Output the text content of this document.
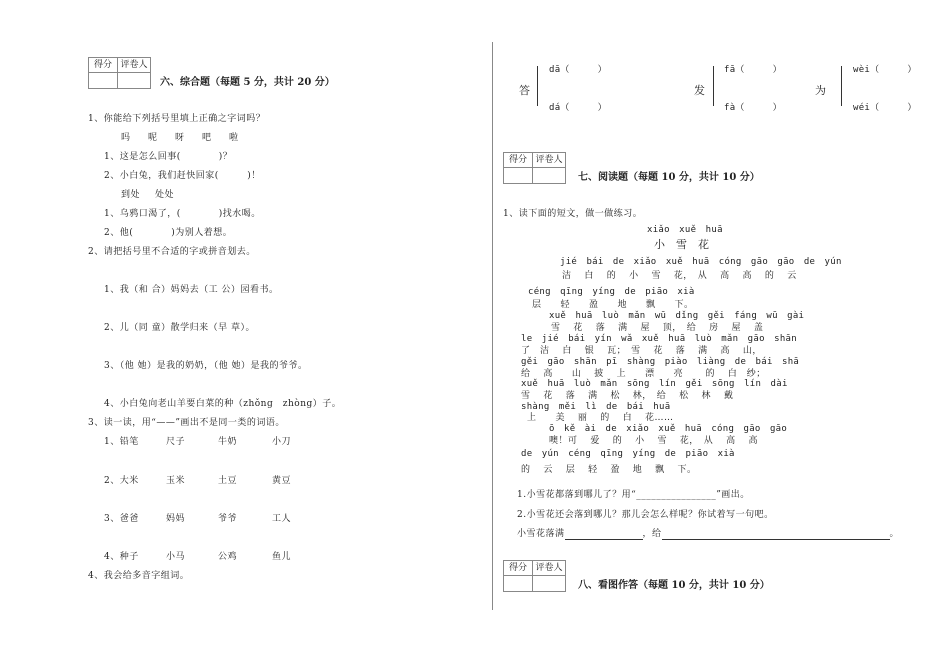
得分 评卷人
六、综合题（每题 5 分，共计 20 分）
1、你能给下列括号里填上正确之字词吗？
吗 呢 呀 吧 啦
1、这是怎么回事(　　　　)？
2、小白兔，我们赶快回家(　　　)！
到处 处处
1、乌鸦口渴了，(　　　　)找水喝。
2、他(　　　　)为别人着想。
2、请把括号里不合适的字或拼音划去。
1、我（和 合）妈妈去（工 公）园看书。
2、儿（同 童）散学归来（早 草）。
3、（他 她）是我的奶奶，（他 她）是我的爷爷。
4、小白兔向老山羊要白菜的种（zhǒng　zhòng）子。
3、读一读，用“——”画出不是同一类的词语。
1、铅笔	尺子	牛奶	小刀
2、大米	玉米	土豆	黄豆
3、爸爸	妈妈	爷爷	工人
4、种子	小马	公鸡	鱼儿
4、我会给多音字组词。
答
dā（　　　）
dá（　　　）
发
fā（　　　）
fà（　　　）
为
wèi（　　　）
wéi（　　　）
得分 评卷人
七、阅读题（每题 10 分，共计 10 分）
1、读下面的短文，做一做练习。
xiǎo　xuě　huā
小　雪　花
jié　bái　de　xiǎo　xuě　huā　cóng　gāo　gāo　de　yún
洁　 白　 的　 小　 雪　 花，　从　 高　 高　 的　 云
céng　qīng　yíng　de　piāo　xià
层　　轻　　盈　　地　　飘　　下。
xuě　huā　luò　mǎn　wū　dǐng　gěi　fáng　wū　gài
雪　 花　 落　 满　 屋　 顶，　给　 房　 屋　 盖
le　jié　bái　yín　wǎ　xuě　huā　luò　mǎn　gāo　shān
了　洁　 白　 银　 瓦；　雪　 花　 落　 满　 高　 山，
gěi　gāo　shān　pī　shàng　piào　liàng　de　bái　shā
给　 高　　山　 披　 上　　漂　　亮　　 的　 白　纱；
xuě　huā　luò　mǎn　sōng　lín　gěi　sōng　lín　dài
雪　 花　 落　 满　 松　 林，　给　 松　 林　 戴
shàng　měi　lì　de　bái　huā
上　　美　 丽　 的　 白　 花……
ō　kě　ài　de　xiǎo　xuě　huā　cóng　gāo　gāo
噢！可　 爱　 的　 小　 雪　 花，　从　 高　 高
de　yún　céng　qīng　yíng　de　piāo　xià
的　 云　 层　 轻　 盈　 地　 飘　 下。
1.小雪花都落到哪儿了？用“________________”画出。
2.小雪花还会落到哪儿？那儿会怎么样呢？你试着写一句吧。
小雪花落满	，给	。
得分 评卷人
八、看图作答（每题 10 分，共计 10 分）
